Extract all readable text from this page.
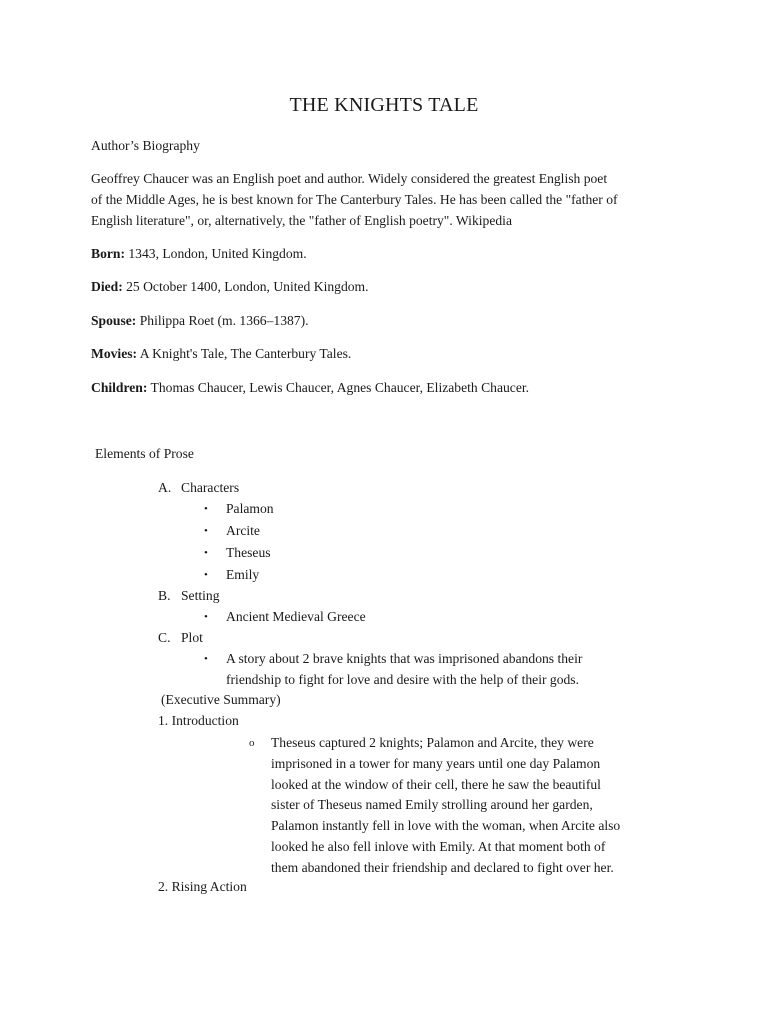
THE KNIGHTS TALE
Author’s Biography
Geoffrey Chaucer was an English poet and author. Widely considered the greatest English poet
of the Middle Ages, he is best known for The Canterbury Tales. He has been called the "father of
English literature", or, alternatively, the "father of English poetry". Wikipedia
Born: 1343, London, United Kingdom.
Died: 25 October 1400, London, United Kingdom.
Spouse: Philippa Roet (m. 1366–1387).
Movies: A Knight's Tale, The Canterbury Tales.
Children: Thomas Chaucer, Lewis Chaucer, Agnes Chaucer, Elizabeth Chaucer.
Elements of Prose
A. Characters
• Palamon
• Arcite
• Theseus
• Emily
B. Setting
• Ancient Medieval Greece
C. Plot
• A story about 2 brave knights that was imprisoned abandons their
friendship to fight for love and desire with the help of their gods.
(Executive Summary)
1. Introduction
o Theseus captured 2 knights; Palamon and Arcite, they were
imprisoned in a tower for many years until one day Palamon
looked at the window of their cell, there he saw the beautiful
sister of Theseus named Emily strolling around her garden,
Palamon instantly fell in love with the woman, when Arcite also
looked he also fell inlove with Emily. At that moment both of
them abandoned their friendship and declared to fight over her.
2. Rising Action
